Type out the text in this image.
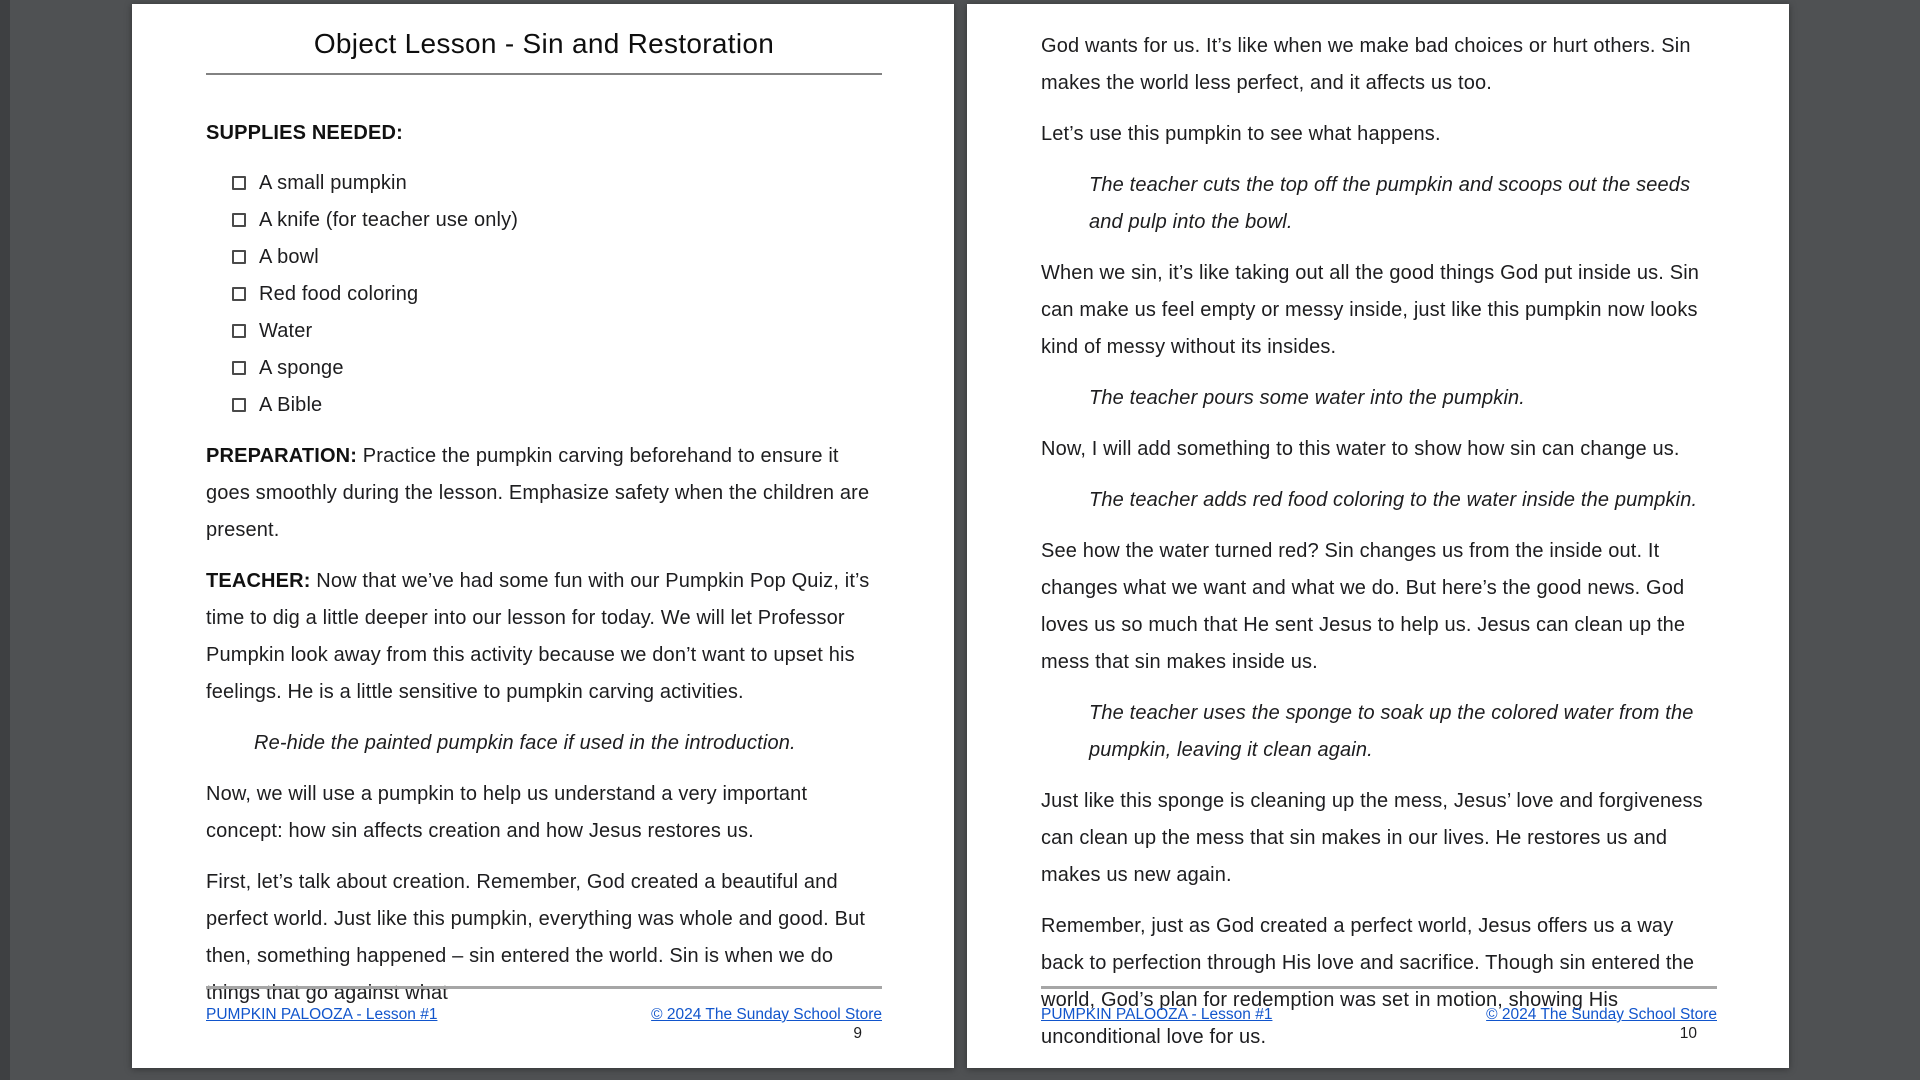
Object Lesson - Sin and Restoration

SUPPLIES NEEDED:

A small pumpkin
A knife (for teacher use only)
A bowl
Red food coloring
Water
A sponge
A Bible

PREPARATION: Practice the pumpkin carving beforehand to ensure it goes smoothly during the lesson. Emphasize safety when the children are present.

TEACHER: Now that we’ve had some fun with our Pumpkin Pop Quiz, it’s time to dig a little deeper into our lesson for today. We will let Professor Pumpkin look away from this activity because we don’t want to upset his feelings. He is a little sensitive to pumpkin carving activities.

Re-hide the painted pumpkin face if used in the introduction.

Now, we will use a pumpkin to help us understand a very important concept: how sin affects creation and how Jesus restores us.

First, let’s talk about creation. Remember, God created a beautiful and perfect world. Just like this pumpkin, everything was whole and good. But then, something happened – sin entered the world. Sin is when we do things that go against what

PUMPKIN PALOOZA - Lesson #1	© 2024 The Sunday School Store
9

God wants for us. It’s like when we make bad choices or hurt others. Sin makes the world less perfect, and it affects us too.

Let’s use this pumpkin to see what happens.

The teacher cuts the top off the pumpkin and scoops out the seeds and pulp into the bowl.

When we sin, it’s like taking out all the good things God put inside us. Sin can make us feel empty or messy inside, just like this pumpkin now looks kind of messy without its insides.

The teacher pours some water into the pumpkin.

Now, I will add something to this water to show how sin can change us.

The teacher adds red food coloring to the water inside the pumpkin.

See how the water turned red? Sin changes us from the inside out. It changes what we want and what we do. But here’s the good news. God loves us so much that He sent Jesus to help us. Jesus can clean up the mess that sin makes inside us.

The teacher uses the sponge to soak up the colored water from the pumpkin, leaving it clean again.

Just like this sponge is cleaning up the mess, Jesus’ love and forgiveness can clean up the mess that sin makes in our lives. He restores us and makes us new again.

Remember, just as God created a perfect world, Jesus offers us a way back to perfection through His love and sacrifice. Though sin entered the world, God’s plan for redemption was set in motion, showing His unconditional love for us.

PUMPKIN PALOOZA - Lesson #1	© 2024 The Sunday School Store
10
